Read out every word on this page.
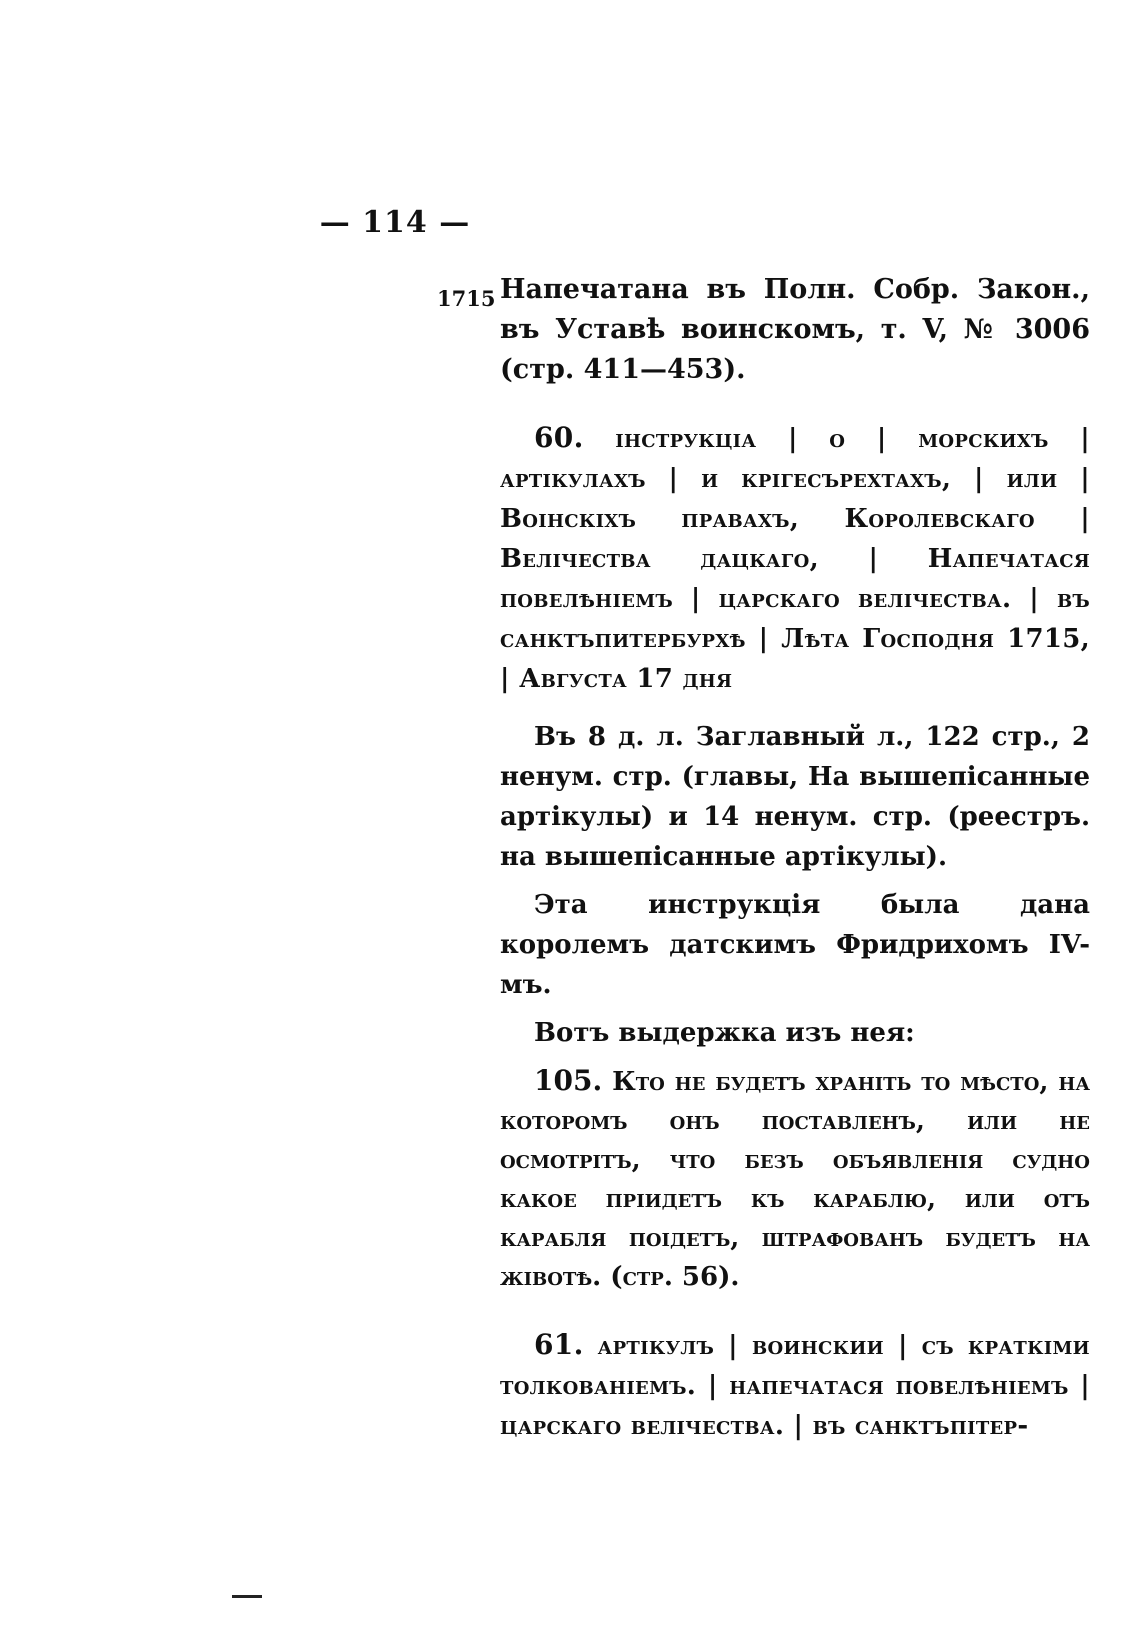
— 114 —
1715 Напечатана въ Полн. Собр. Закон., въ Уставѣ воинскомъ, т. V, № 3006 (стр. 411—453).

60. інструкціа | о | морскихъ | артікулахъ | и крігесърехтахъ, | или | Воінскіхъ правахъ, Королевскаго | Велічества дацкаго, | Напечатася повелѣніемъ | царскаго велічества. | въ санктъпитербурхѣ | Лѣта Господня 1715, | Августа 17 дня

Въ 8 д. л. Заглавный л., 122 стр., 2 ненум. стр. (главы, На вышепісанные артікулы) и 14 ненум. стр. (реестръ. на вышепісанные артікулы).

Эта инструкція была дана королемъ датскимъ Фридрихомъ IV-мъ.

Вотъ выдержка изъ нея:

105. Кто не будетъ храніть то мѣсто, на которомъ онъ поставленъ, или не осмотрітъ, что безъ объявленія судно какое пріидетъ къ караблю, или отъ карабля поідетъ, штрафованъ будетъ на жівотѣ. (стр. 56).

61. артікулъ | воинскии | съ краткіми толкованіемъ. | напечатася повелѣніемъ | царскаго велічества. | въ санктъпітер-
